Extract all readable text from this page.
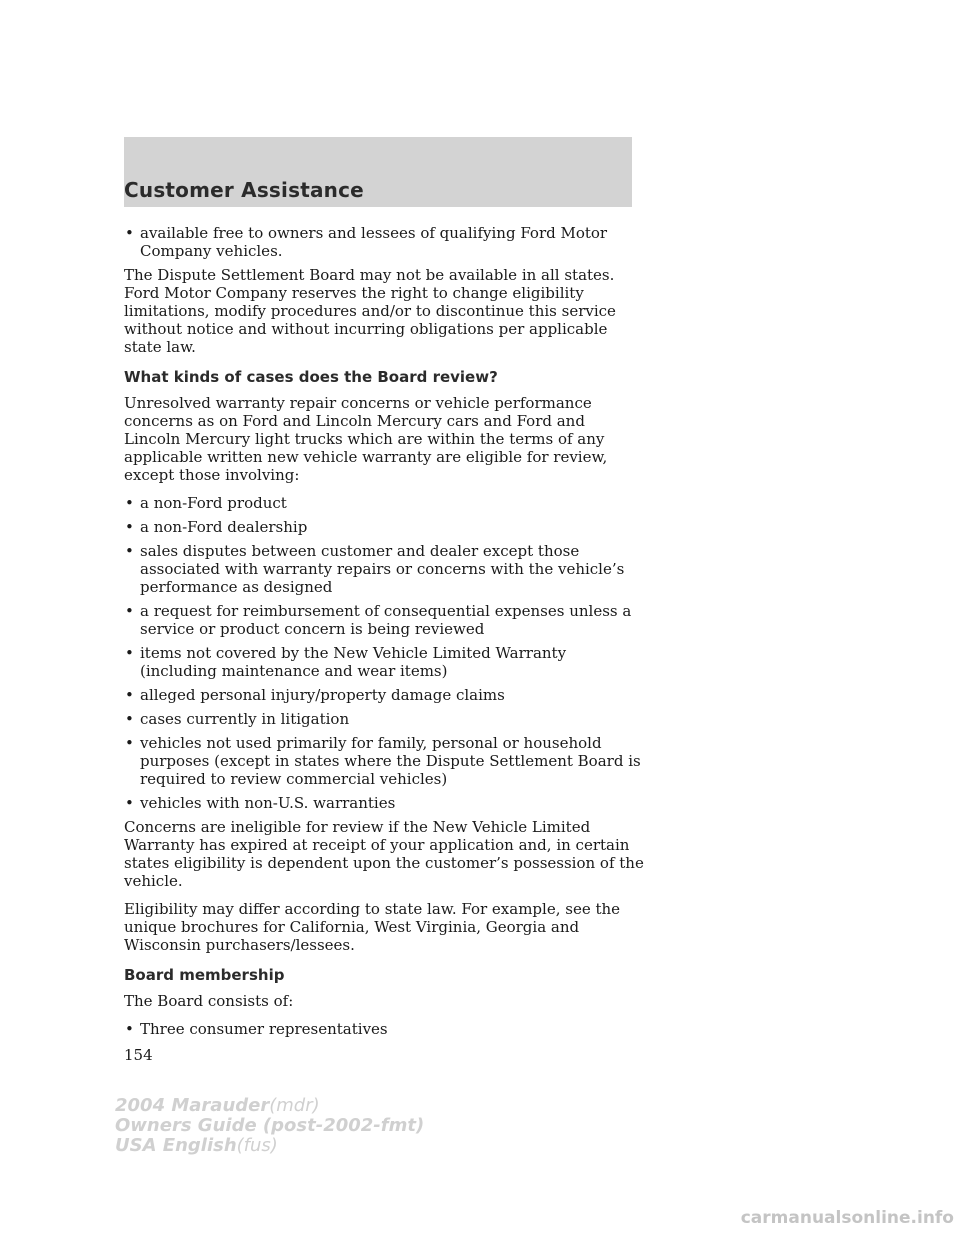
Customer Assistance
• available free to owners and lessees of qualifying Ford Motor Company vehicles.

The Dispute Settlement Board may not be available in all states. Ford Motor Company reserves the right to change eligibility limitations, modify procedures and/or to discontinue this service without notice and without incurring obligations per applicable state law.

What kinds of cases does the Board review?

Unresolved warranty repair concerns or vehicle performance concerns as on Ford and Lincoln Mercury cars and Ford and Lincoln Mercury light trucks which are within the terms of any applicable written new vehicle warranty are eligible for review, except those involving:

• a non-Ford product
• a non-Ford dealership
• sales disputes between customer and dealer except those associated with warranty repairs or concerns with the vehicle’s performance as designed
• a request for reimbursement of consequential expenses unless a service or product concern is being reviewed
• items not covered by the New Vehicle Limited Warranty (including maintenance and wear items)
• alleged personal injury/property damage claims
• cases currently in litigation
• vehicles not used primarily for family, personal or household purposes (except in states where the Dispute Settlement Board is required to review commercial vehicles)
• vehicles with non-U.S. warranties

Concerns are ineligible for review if the New Vehicle Limited Warranty has expired at receipt of your application and, in certain states eligibility is dependent upon the customer’s possession of the vehicle.

Eligibility may differ according to state law. For example, see the unique brochures for California, West Virginia, Georgia and Wisconsin purchasers/lessees.

Board membership

The Board consists of:

• Three consumer representatives
154
2004 Marauder(mdr)
Owners Guide (post-2002-fmt)
USA English(fus)
carmanualsonline.info
